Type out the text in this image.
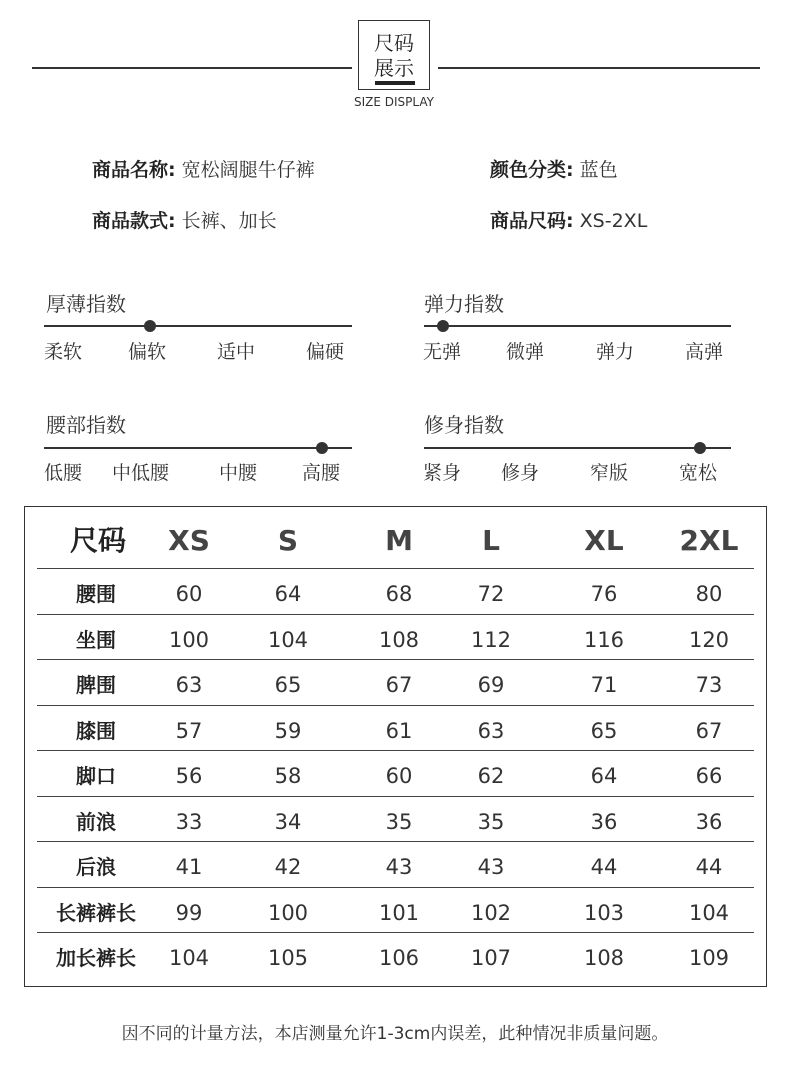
尺码
展示
SIZE DISPLAY
商品名称: 宽松阔腿牛仔裤	颜色分类: 蓝色
商品款式: 长裤、加长	商品尺码: XS-2XL
厚薄指数
柔软 偏软	适中	偏硬
弹力指数
无弹 微弹	弹力	高弹
腰部指数
低腰 中低腰	中腰 高腰
修身指数
紧身 修身	窄版	宽松
尺码	XS	S	M	L	XL	2XL
腰围	60	64	68	72	76	80
坐围	100	104	108	112	116	120
脾围	63	65	67	69	71	73
膝围	57	59	61	63	65	67
脚口	56	58	60	62	64	66
前浪	33	34	35	35	36	36
后浪	41	42	43	43	44	44
长裤裤长	99	100	101	102	103	104
加长裤长	104	105	106	107	108	109
因不同的计量方法，本店测量允许1-3cm内误差，此种情况非质量问题。
